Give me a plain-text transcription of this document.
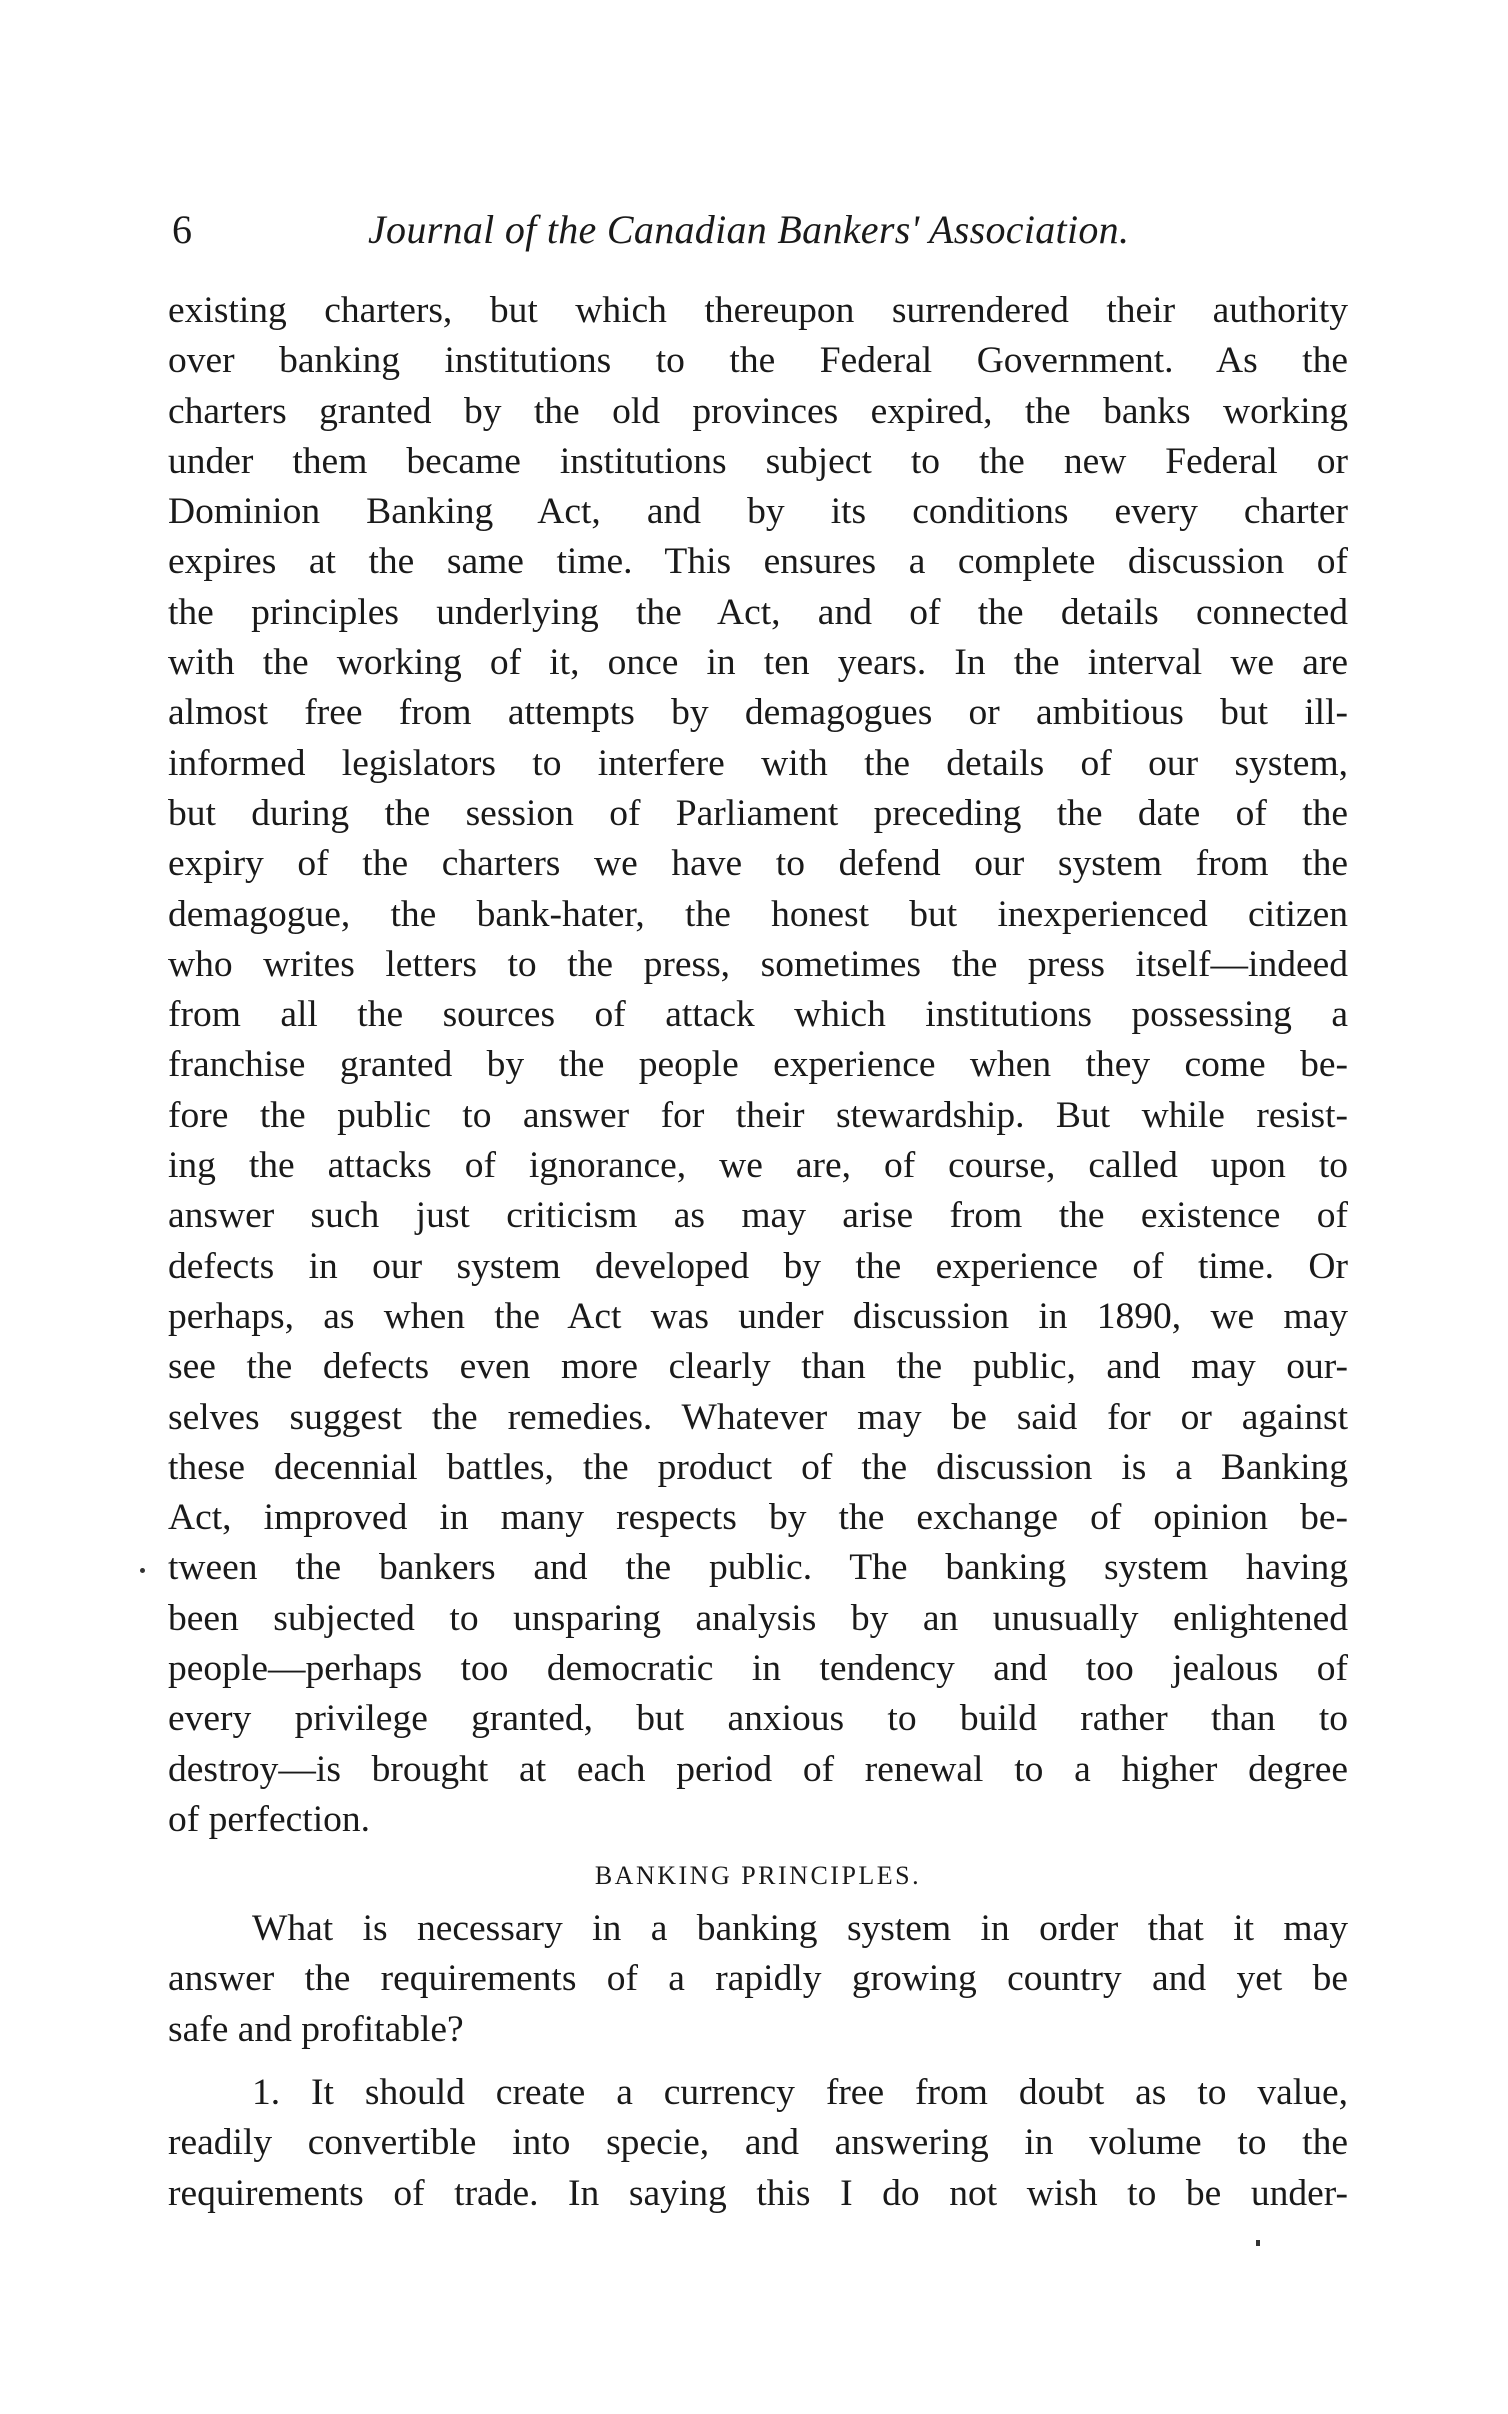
6	Journal of the Canadian Bankers' Association.
existing charters, but which thereupon surrendered their authority
over banking institutions to the Federal Government. As the
charters granted by the old provinces expired, the banks working
under them became institutions subject to the new Federal or
Dominion Banking Act, and by its conditions every charter
expires at the same time. This ensures a complete discussion of
the principles underlying the Act, and of the details connected
with the working of it, once in ten years. In the interval we are
almost free from attempts by demagogues or ambitious but ill-
informed legislators to interfere with the details of our system,
but during the session of Parliament preceding the date of the
expiry of the charters we have to defend our system from the
demagogue, the bank-hater, the honest but inexperienced citizen
who writes letters to the press, sometimes the press itself—indeed
from all the sources of attack which institutions possessing a
franchise granted by the people experience when they come be-
fore the public to answer for their stewardship. But while resist-
ing the attacks of ignorance, we are, of course, called upon to
answer such just criticism as may arise from the existence of
defects in our system developed by the experience of time. Or
perhaps, as when the Act was under discussion in 1890, we may
see the defects even more clearly than the public, and may our-
selves suggest the remedies. Whatever may be said for or against
these decennial battles, the product of the discussion is a Banking
Act, improved in many respects by the exchange of opinion be-
tween the bankers and the public. The banking system having
been subjected to unsparing analysis by an unusually enlightened
people—perhaps too democratic in tendency and too jealous of
every privilege granted, but anxious to build rather than to
destroy—is brought at each period of renewal to a higher degree
of perfection.
BANKING PRINCIPLES.
What is necessary in a banking system in order that it may
answer the requirements of a rapidly growing country and yet be
safe and profitable?
1. It should create a currency free from doubt as to value,
readily convertible into specie, and answering in volume to the
requirements of trade. In saying this I do not wish to be under-
